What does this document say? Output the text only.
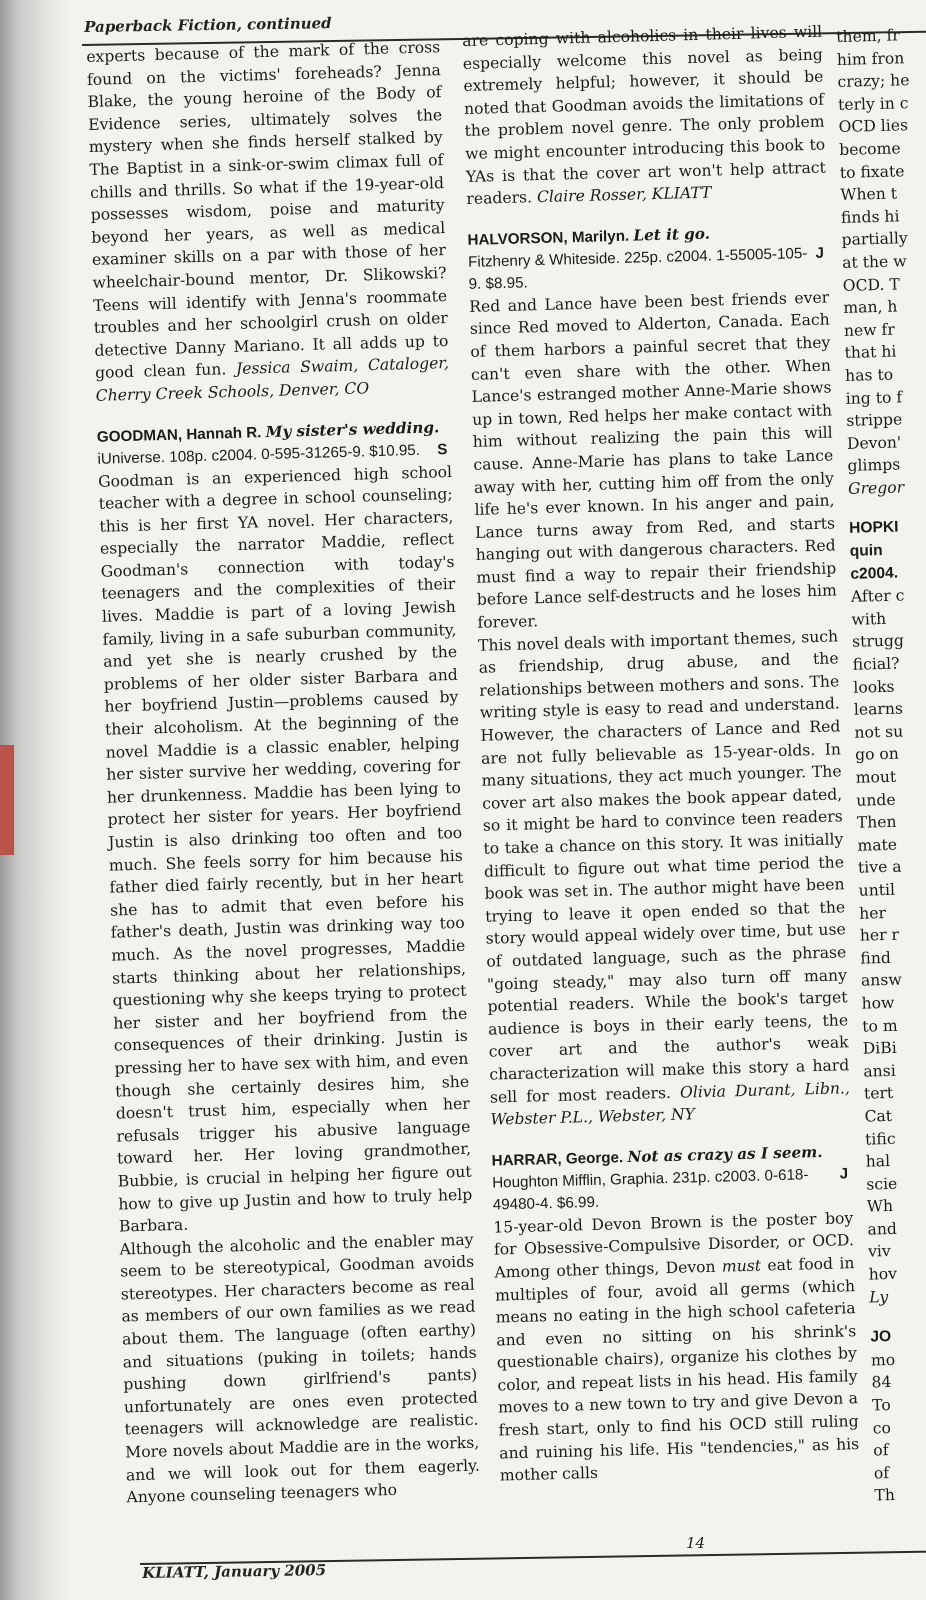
Paperback Fiction, continued

experts because of the mark of the cross found on the victims' foreheads? Jenna Blake, the young heroine of the Body of Evidence series, ultimately solves the mystery when she finds herself stalked by The Baptist in a sink-or-swim climax full of chills and thrills. So what if the 19-year-old possesses wisdom, poise and maturity beyond her years, as well as medical examiner skills on a par with those of her wheelchair-bound mentor, Dr. Slikowski? Teens will identify with Jenna's roommate troubles and her schoolgirl crush on older detective Danny Mariano. It all adds up to good clean fun. Jessica Swaim, Cataloger, Cherry Creek Schools, Denver, CO

GOODMAN, Hannah R. My sister's wedding.
iUniverse. 108p. c2004. 0-595-31265-9. $10.95. S

Goodman is an experienced high school teacher with a degree in school counseling; this is her first YA novel. Her characters, especially the narrator Maddie, reflect Goodman's connection with today's teenagers and the complexities of their lives. Maddie is part of a loving Jewish family, living in a safe suburban community, and yet she is nearly crushed by the problems of her older sister Barbara and her boyfriend Justin—problems caused by their alcoholism. At the beginning of the novel Maddie is a classic enabler, helping her sister survive her wedding, covering for her drunkenness. Maddie has been lying to protect her sister for years. Her boyfriend Justin is also drinking too often and too much. She feels sorry for him because his father died fairly recently, but in her heart she has to admit that even before his father's death, Justin was drinking way too much. As the novel progresses, Maddie starts thinking about her relationships, questioning why she keeps trying to protect her sister and her boyfriend from the consequences of their drinking. Justin is pressing her to have sex with him, and even though she certainly desires him, she doesn't trust him, especially when her refusals trigger his abusive language toward her. Her loving grandmother, Bubbie, is crucial in helping her figure out how to give up Justin and how to truly help Barbara.

Although the alcoholic and the enabler may seem to be stereotypical, Goodman avoids stereotypes. Her characters become as real as members of our own families as we read about them. The language (often earthy) and situations (puking in toilets; hands pushing down girlfriend's pants) unfortunately are ones even protected teenagers will acknowledge are realistic. More novels about Maddie are in the works, and we will look out for them eagerly. Anyone counseling teenagers who

are coping with alcoholics in their lives will especially welcome this novel as being extremely helpful; however, it should be noted that Goodman avoids the limitations of the problem novel genre. The only problem we might encounter introducing this book to YAs is that the cover art won't help attract readers. Claire Rosser, KLIATT

HALVORSON, Marilyn. Let it go.
Fitzhenry & Whiteside. 225p. c2004. 1-55005-105-9. $8.95.
J

Red and Lance have been best friends ever since Red moved to Alderton, Canada. Each of them harbors a painful secret that they can't even share with the other. When Lance's estranged mother Anne-Marie shows up in town, Red helps her make contact with him without realizing the pain this will cause. Anne-Marie has plans to take Lance away with her, cutting him off from the only life he's ever known. In his anger and pain, Lance turns away from Red, and starts hanging out with dangerous characters. Red must find a way to repair their friendship before Lance self-destructs and he loses him forever.

This novel deals with important themes, such as friendship, drug abuse, and the relationships between mothers and sons. The writing style is easy to read and understand. However, the characters of Lance and Red are not fully believable as 15-year-olds. In many situations, they act much younger. The cover art also makes the book appear dated, so it might be hard to convince teen readers to take a chance on this story. It was initially difficult to figure out what time period the book was set in. The author might have been trying to leave it open ended so that the story would appeal widely over time, but use of outdated language, such as the phrase "going steady," may also turn off many potential readers. While the book's target audience is boys in their early teens, the cover art and the author's weak characterization will make this story a hard sell for most readers. Olivia Durant, Libn., Webster P.L., Webster, NY

HARRAR, George. Not as crazy as I seem.
Houghton Mifflin, Graphia. 231p. c2003. 0-618-49480-4. $6.99.
J

15-year-old Devon Brown is the poster boy for Obsessive-Compulsive Disorder, or OCD. Among other things, Devon must eat food in multiples of four, avoid all germs (which means no eating in the high school cafeteria and even no sitting on his shrink's questionable chairs), organize his clothes by color, and repeat lists in his head. His family moves to a new town to try and give Devon a fresh start, only to find his OCD still ruling and ruining his life. His "tendencies," as his mother calls

them, fr
him fron
crazy; he
terly in c
OCD lies
become
to fixate
When t
finds hi
partially
at the w
OCD. T
man, h
new fr
that hi
has to
ing to f
strippe
Devon'
glimps
Gregor
HOPKI
quin
c2004.
After c
with
strugg
ficial?
looks
learns
not su
go on
mout
unde
Then
mate
tive a
until
her
her r
find
answ
how
to m
DiBi
ansi
tert
Cat
tific
hal
scie
Wh
and
viv
hov
Ly
JO
mo
84
To
co
of
of
Th
KLIATT, January 2005
14
